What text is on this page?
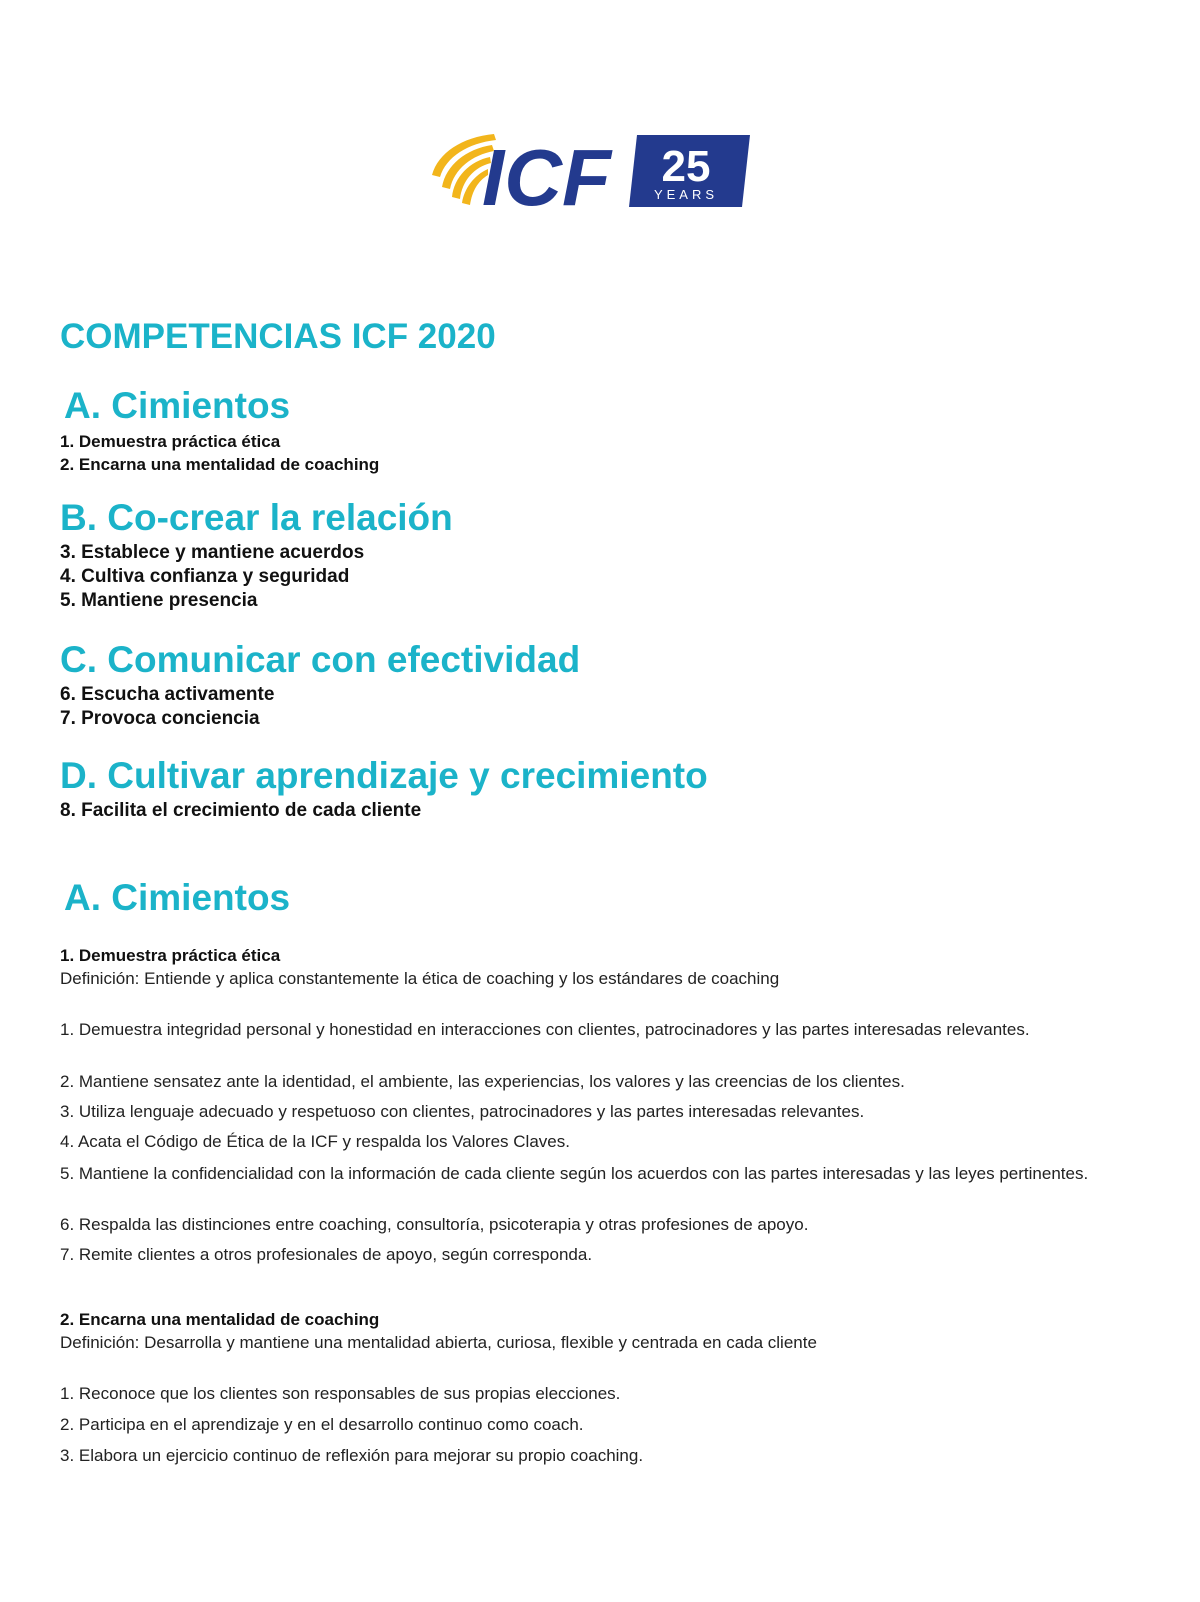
ICF 25
YEARS
COMPETENCIAS ICF 2020
A. Cimientos
1. Demuestra práctica ética
2. Encarna una mentalidad de coaching
B. Co-crear la relación
3. Establece y mantiene acuerdos
4. Cultiva confianza y seguridad
5. Mantiene presencia
C. Comunicar con efectividad
6. Escucha activamente
7. Provoca conciencia
D. Cultivar aprendizaje y crecimiento
8. Facilita el crecimiento de cada cliente
A. Cimientos
1. Demuestra práctica ética
Definición: Entiende y aplica constantemente la ética de coaching y los estándares de coaching
1. Demuestra integridad personal y honestidad en interacciones con clientes, patrocinadores y las partes interesadas relevantes.
2. Mantiene sensatez ante la identidad, el ambiente, las experiencias, los valores y las creencias de los clientes.
3. Utiliza lenguaje adecuado y respetuoso con clientes, patrocinadores y las partes interesadas relevantes.
4. Acata el Código de Ética de la ICF y respalda los Valores Claves.
5. Mantiene la confidencialidad con la información de cada cliente según los acuerdos con las partes interesadas y las leyes pertinentes.
6. Respalda las distinciones entre coaching, consultoría, psicoterapia y otras profesiones de apoyo.
7. Remite clientes a otros profesionales de apoyo, según corresponda.
2. Encarna una mentalidad de coaching
Definición: Desarrolla y mantiene una mentalidad abierta, curiosa, flexible y centrada en cada cliente
1. Reconoce que los clientes son responsables de sus propias elecciones.
2. Participa en el aprendizaje y en el desarrollo continuo como coach.
3. Elabora un ejercicio continuo de reflexión para mejorar su propio coaching.
